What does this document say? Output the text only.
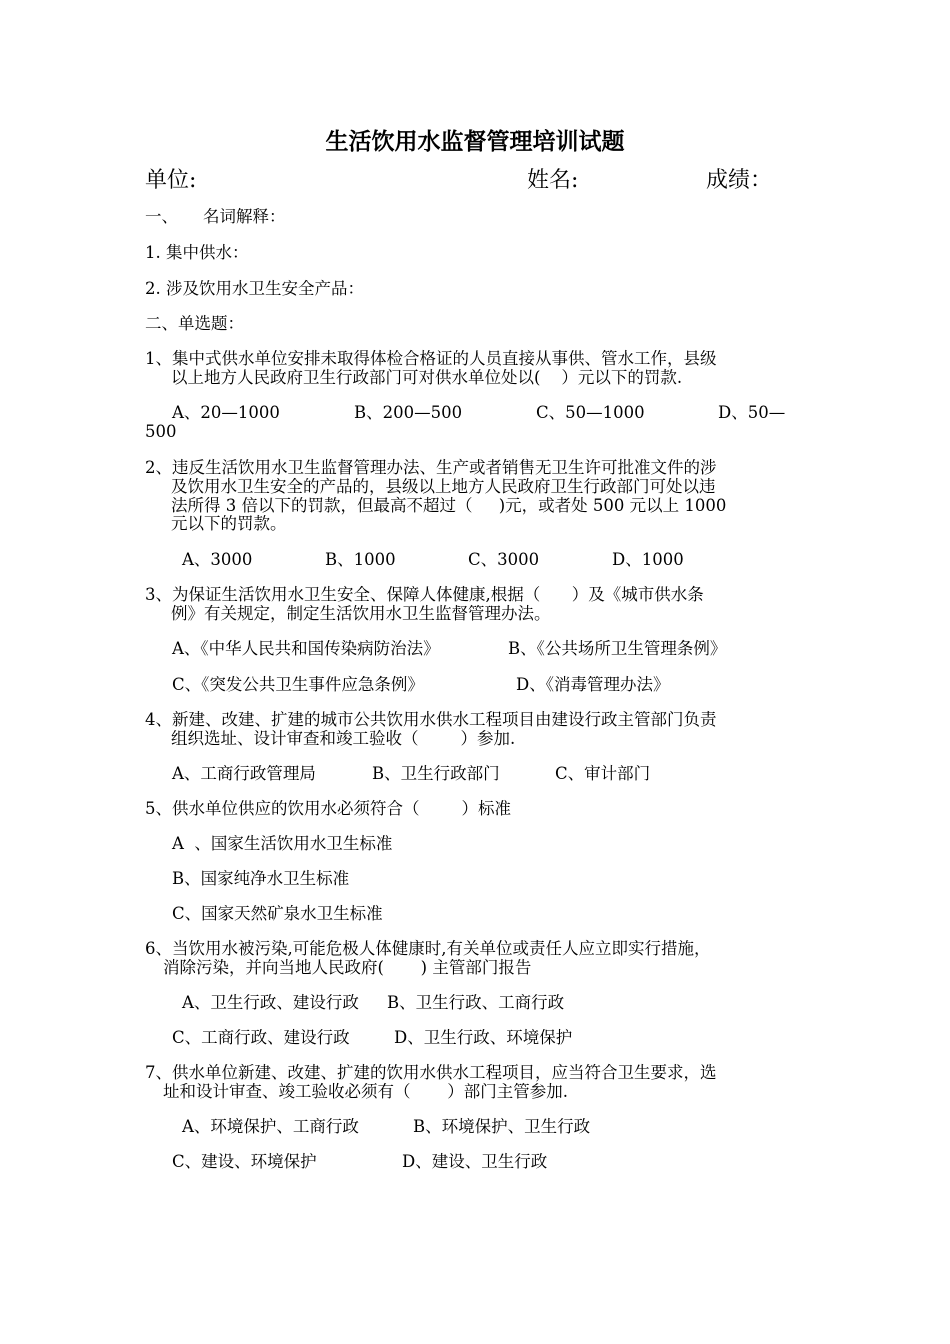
生活饮用水监督管理培训试题
单位:	姓名:	成绩：
一、 名词解释：
1. 集中供水：
2. 涉及饮用水卫生安全产品：
二、单选题：
1、集中式供水单位安排未取得体检合格证的人员直接从事供、管水工作，县级
以上地方人民政府卫生行政部门可对供水单位处以(    ）元以下的罚款.
A、20—1000	B、200—500	C、50—1000	D、50—
500
2、违反生活饮用水卫生监督管理办法、生产或者销售无卫生许可批准文件的涉
及饮用水卫生安全的产品的，县级以上地方人民政府卫生行政部门可处以违
法所得 3 倍以下的罚款，但最高不超过（     )元，或者处 500 元以上 1000
元以下的罚款。
A、3000	B、1000	C、3000	D、1000
3、为保证生活饮用水卫生安全、保障人体健康,根据（      ）及《城市供水条
例》有关规定，制定生活饮用水卫生监督管理办法。
A、《中华人民共和国传染病防治法》	B、《公共场所卫生管理条例》
C、《突发公共卫生事件应急条例》	D、《消毒管理办法》
4、新建、改建、扩建的城市公共饮用水供水工程项目由建设行政主管部门负责
组织选址、设计审查和竣工验收（        ）参加.
A、工商行政管理局	B、卫生行政部门	C、审计部门
5、供水单位供应的饮用水必须符合（        ）标准
A  、国家生活饮用水卫生标准
B、国家纯净水卫生标准
C、国家天然矿泉水卫生标准
6、当饮用水被污染,可能危极人体健康时,有关单位或责任人应立即实行措施，
消除污染，并向当地人民政府(       ) 主管部门报告
A、卫生行政、建设行政 B、卫生行政、工商行政
C、工商行政、建设行政	D、卫生行政、环境保护
7、供水单位新建、改建、扩建的饮用水供水工程项目，应当符合卫生要求，选
址和设计审查、竣工验收必须有（       ）部门主管参加.
A、环境保护、工商行政	B、环境保护、卫生行政
C、建设、环境保护	D、建设、卫生行政
